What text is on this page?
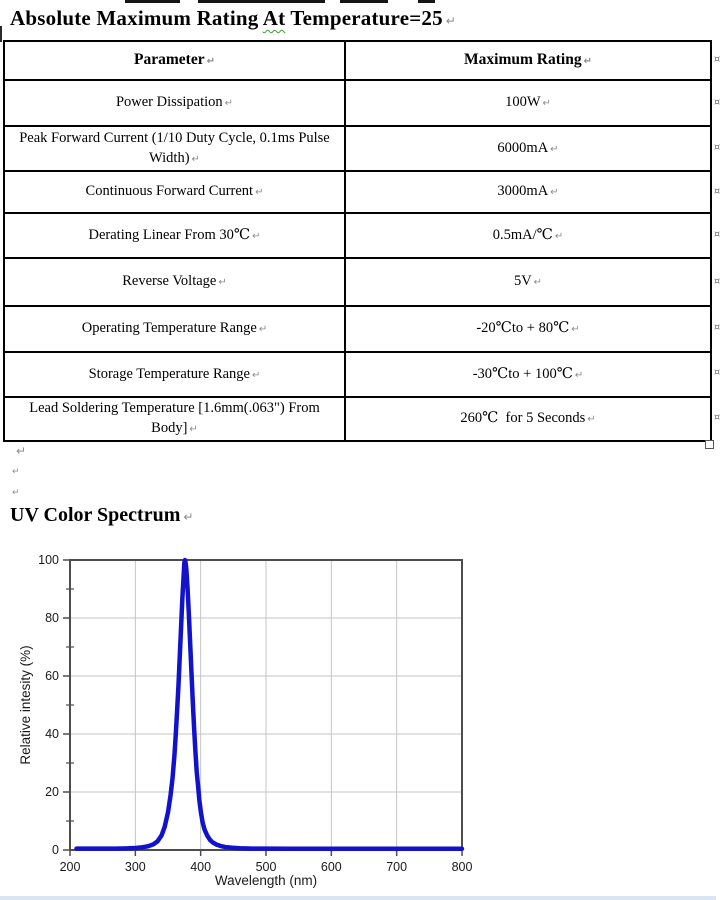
Absolute Maximum Rating At Temperature=25 ↵
Parameter ↵	Maximum Rating ↵
Power Dissipation ↵	100W ↵
Peak Forward Current (1/10 Duty Cycle, 0.1ms Pulse Width) ↵	6000mA ↵
Continuous Forward Current ↵	3000mA ↵
Derating Linear From 30℃ ↵	0.5mA/℃ ↵
Reverse Voltage ↵	5V ↵
Operating Temperature Range ↵	-20℃to + 80℃ ↵
Storage Temperature Range ↵	-30℃to + 100℃ ↵
Lead Soldering Temperature [1.6mm(.063") From Body] ↵	260℃  for 5 Seconds ↵
¤
¤
¤
¤
¤
¤
¤
¤
¤
↵
↵
↵
UV Color Spectrum ↵
200	300	400	500	600	700	800
0
20
40
60
80
100
Wavelength (nm)
Relative intesity (%)
